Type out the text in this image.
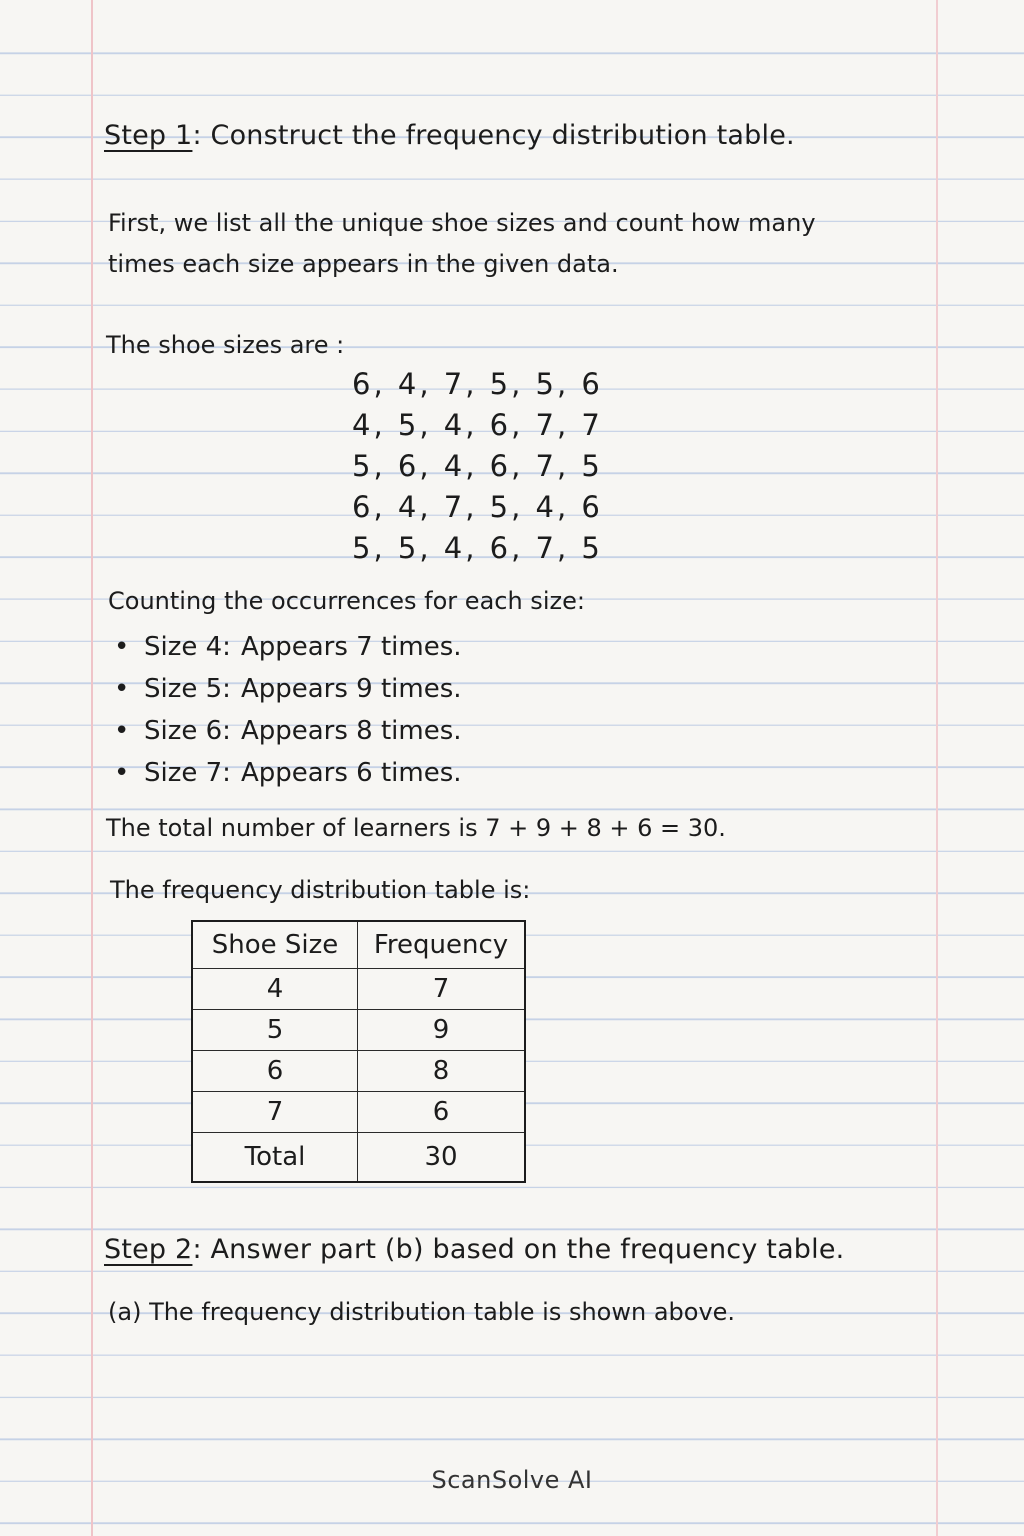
Step 1: Construct the frequency distribution table.
First, we list all the unique shoe sizes and count how many
times each size appears in the given data.
The shoe sizes are :
6, 4, 7, 5, 5, 6
4, 5, 4, 6, 7, 7
5, 6, 4, 6, 7, 5
6, 4, 7, 5, 4, 6
5, 5, 4, 6, 7, 5
Counting the occurrences for each size:
• Size 4: Appears 7 times.
• Size 5: Appears 9 times.
• Size 6: Appears 8 times.
• Size 7: Appears 6 times.
The total number of learners is 7 + 9 + 8 + 6 = 30.
The frequency distribution table is:
Shoe Size	Frequency
4	7
5	9
6	8
7	6
Total	30
Step 2: Answer part (b) based on the frequency table.
(a) The frequency distribution table is shown above.
ScanSolve AI
